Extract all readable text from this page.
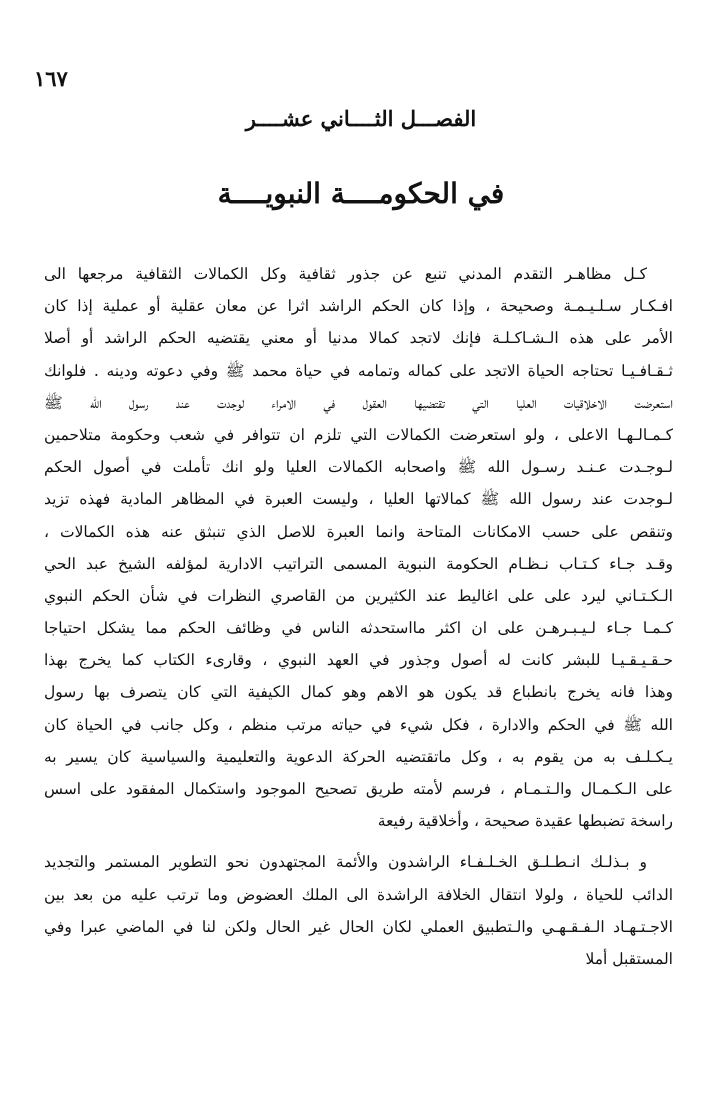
١٦٧
الفصـــل الثــــاني عشــــر
في الحكومــــة النبويــــة
كـل مظاهـر التقدم المدني تنبع عن جذور ثقافية وكل الكمالات الثقافية مرجعها الى
افـكـار سـلـيـمـة وصحيحة ، وإذا كان الحكم الراشد اثرا عن معان عقلية أو عملية إذا كان
الأمر على هذه الـشـاكـلـة فإنك لاتجد كمالا مدنيا أو معني يقتضيه الحكم الراشد أو أصلا
ثـقـافـيـا تحتاجه الحياة الاتجد على كماله وتمامه في حياة محمد ﷺ وفي دعوته ودينه . فلوانك
استعرضت الاخلاقيات العليا التي تقتضيها العقول في الامراء لوجدت عند رسول الله ﷺ
كـمـالـهـا الاعلى ، ولو استعرضت الكمالات التي تلزم ان تتوافر في شعب وحكومة متلاحمين
لـوجـدت عـنـد رسـول الله ﷺ واصحابه الكمالات العليا ولو انك تأملت في أصول الحكم
لـوجدت عند رسول الله ﷺ كمالاتها العليا ، وليست العبرة في المظاهر المادية فهذه تزيد
وتنقص على حسب الامكانات المتاحة وانما العبرة للاصل الذي تنبثق عنه هذه الكمالات ،
وقـد جـاء كـتـاب نـظـام الحكومة النبوية المسمى التراتيب الادارية لمؤلفه الشيخ عبد الحي
الـكـتـاني ليرد على على اغاليط عند الكثيرين من القاصري النظرات في شأن الحكم النبوي
كـمـا جـاء لـيـبـرهـن على ان اكثر مااستحدثه الناس في وظائف الحكم مما يشكل احتياجا
حـقـيـقـيـا للبشر كانت له أصول وجذور في العهد النبوي ، وقارىء الكتاب كما يخرج بهذا
وهذا فانه يخرج بانطباع قد يكون هو الاهم وهو كمال الكيفية التي كان يتصرف بها رسول
الله ﷺ في الحكم والادارة ، فكل شيء في حياته مرتب منظم ، وكل جانب في الحياة كان
يـكـلـف به من يقوم به ، وكل ماتقتضيه الحركة الدعوية والتعليمية والسياسية كان يسير به
على الـكـمـال والـتـمـام ، فرسم لأمته طريق تصحيح الموجود واستكمال المفقود على اسس
راسخة تضبطها عقيدة صحيحة ، وأخلاقية رفيعة
و بـذلـك انـطـلـق الخـلـفـاء الراشدون والأئمة المجتهدون نحو التطوير المستمر والتجديد
الدائب للحياة ، ولولا انتقال الخلافة الراشدة الى الملك العضوض وما ترتب عليه من بعد بين
الاجـتـهـاد الـفـقـهـي والـتطبيق العملي لكان الحال غير الحال ولكن لنا في الماضي عبرا وفي
المستقبل أملا
